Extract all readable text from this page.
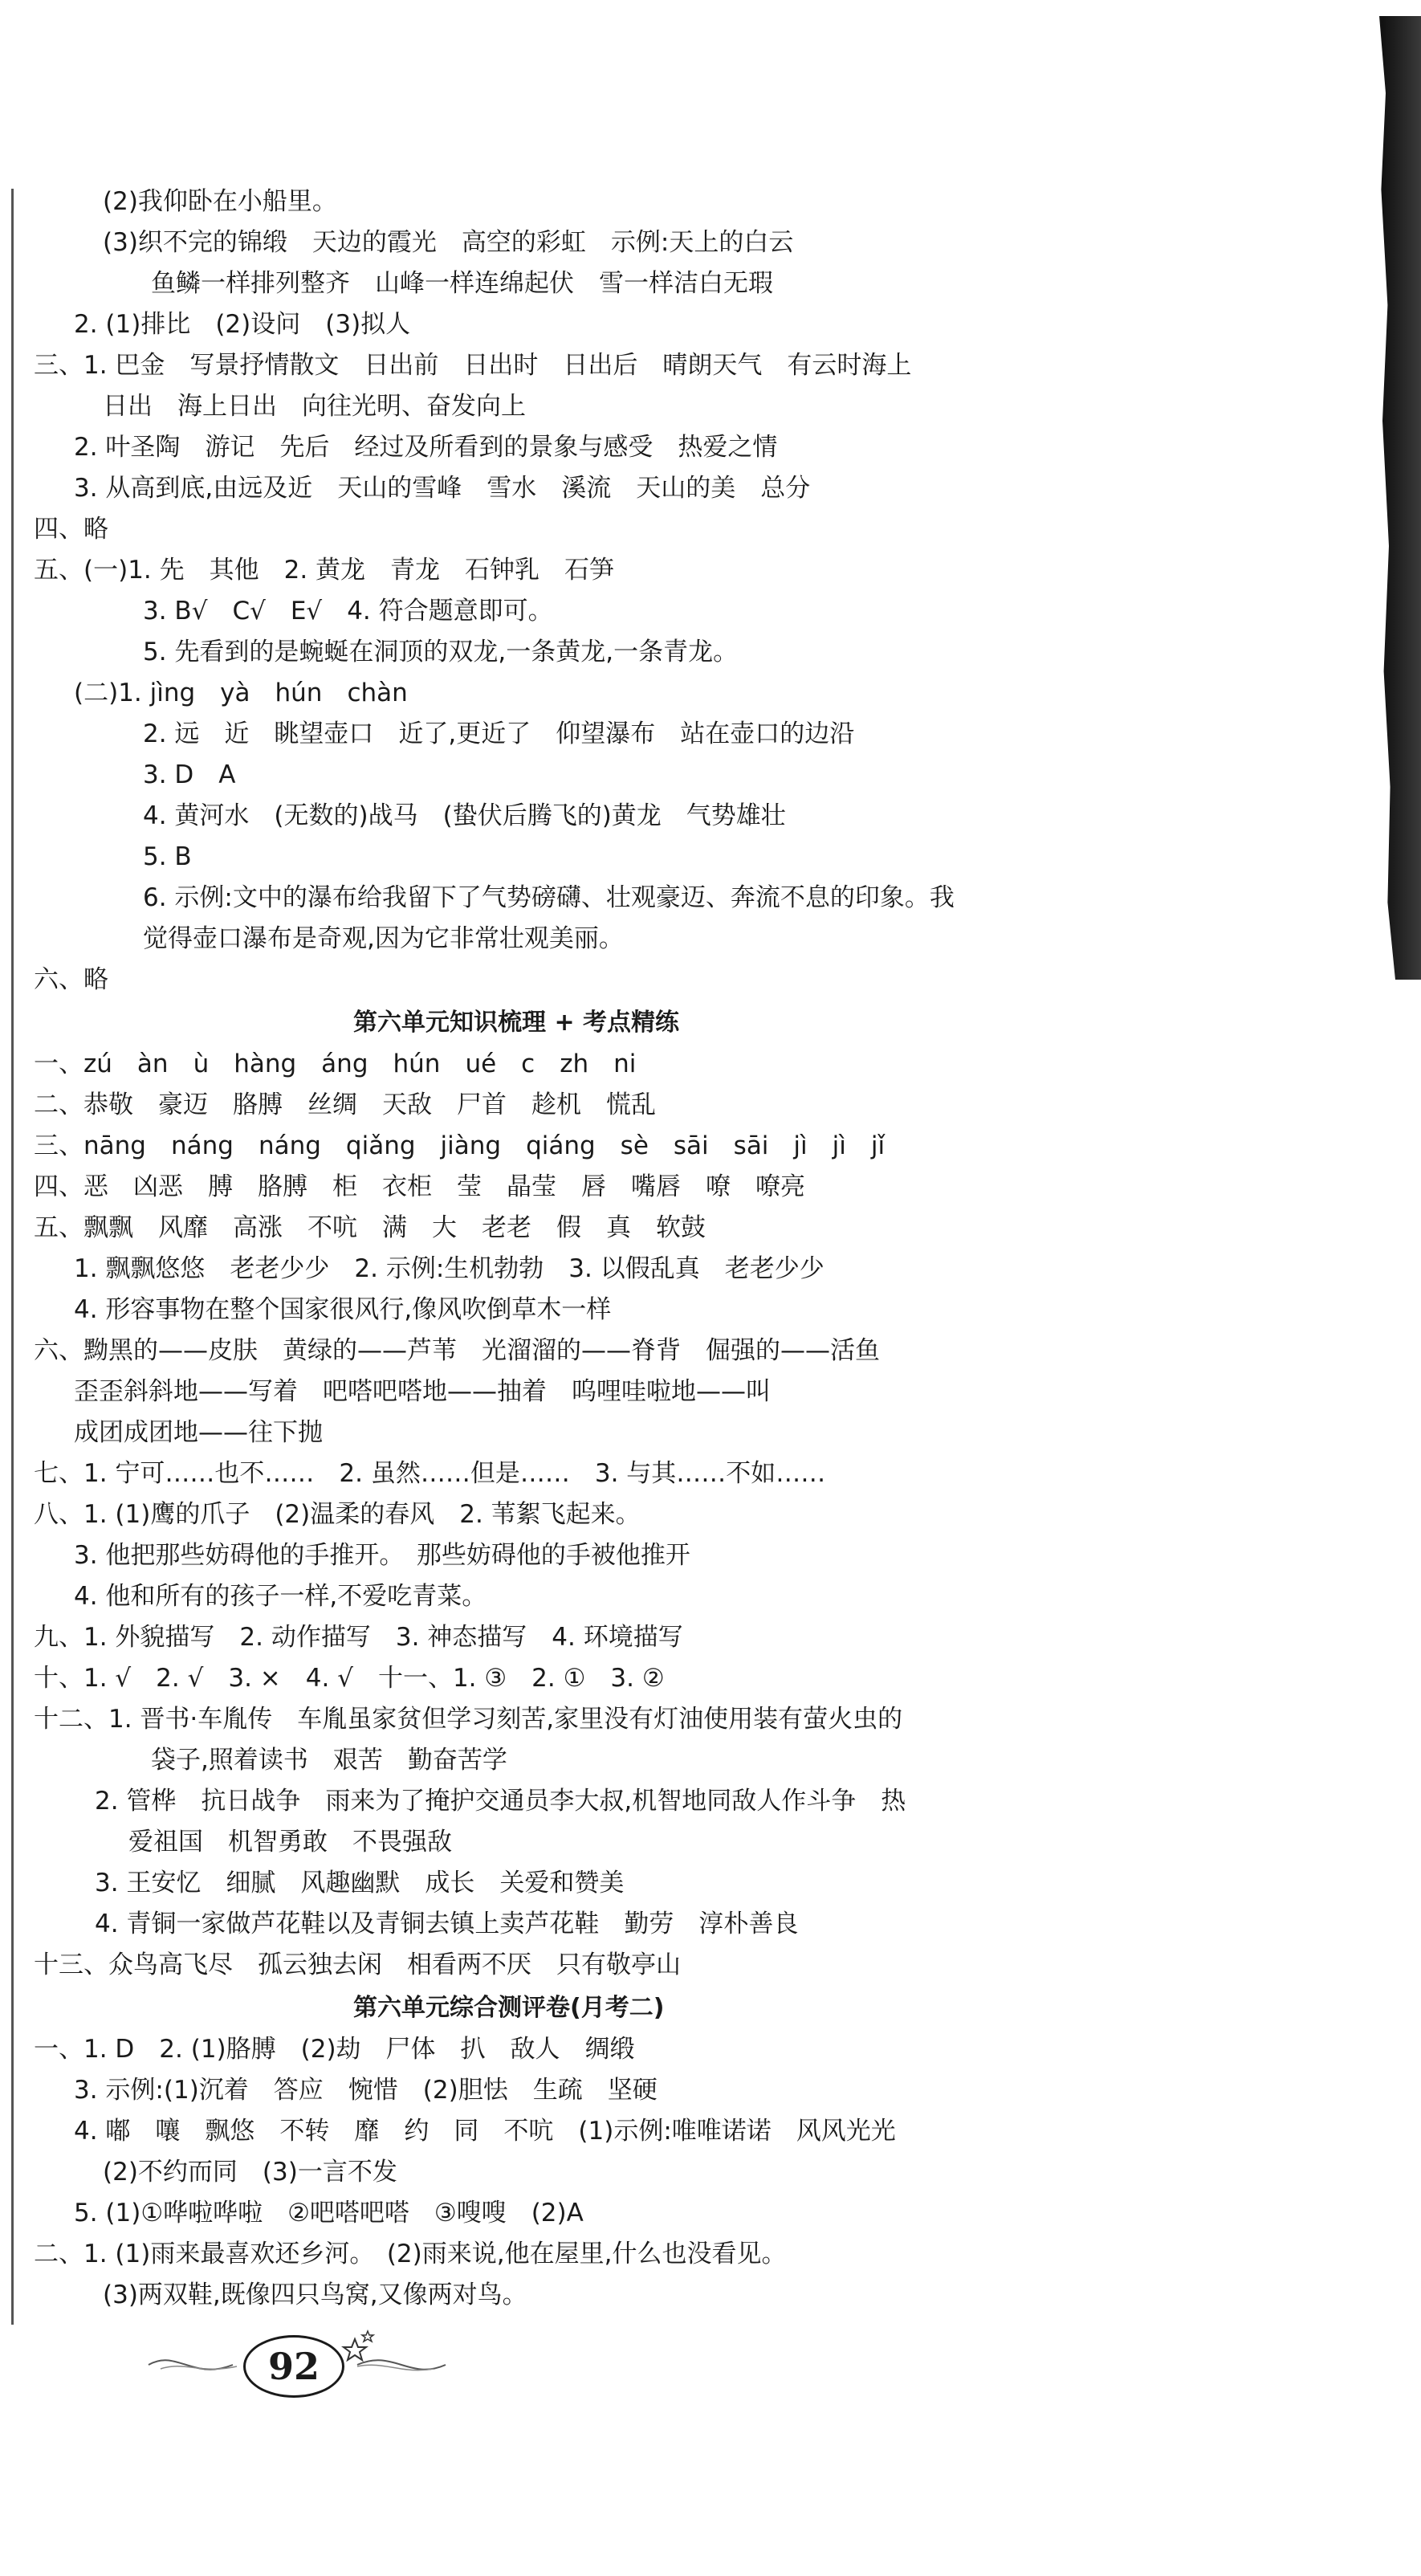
(2)我仰卧在小船里。
(3)织不完的锦缎　天边的霞光　高空的彩虹　示例:天上的白云
鱼鳞一样排列整齐　山峰一样连绵起伏　雪一样洁白无瑕
2. (1)排比　(2)设问　(3)拟人
三、1. 巴金　写景抒情散文　日出前　日出时　日出后　晴朗天气　有云时海上
日出　海上日出　向往光明、奋发向上
2. 叶圣陶　游记　先后　经过及所看到的景象与感受　热爱之情
3. 从高到底,由远及近　天山的雪峰　雪水　溪流　天山的美　总分
四、略
五、(一)1. 先　其他　2. 黄龙　青龙　石钟乳　石笋
3. B√　C√　E√　4. 符合题意即可。
5. 先看到的是蜿蜒在洞顶的双龙,一条黄龙,一条青龙。
(二)1. jìng　yà　hún　chàn
2. 远　近　眺望壶口　近了,更近了　仰望瀑布　站在壶口的边沿
3. D　A
4. 黄河水　(无数的)战马　(蛰伏后腾飞的)黄龙　气势雄壮
5. B
6. 示例:文中的瀑布给我留下了气势磅礴、壮观豪迈、奔流不息的印象。我
觉得壶口瀑布是奇观,因为它非常壮观美丽。
六、略
第六单元知识梳理 + 考点精练
一、zú　àn　ù　hàng　áng　hún　ué　c　zh　ni
二、恭敬　豪迈　胳膊　丝绸　天敌　尸首　趁机　慌乱
三、nāng　náng　náng　qiǎng　jiàng　qiáng　sè　sāi　sāi　jì　jì　jǐ
四、恶　凶恶　膊　胳膊　柜　衣柜　莹　晶莹　唇　嘴唇　嘹　嘹亮
五、飘飘　风靡　高涨　不吭　满　大　老老　假　真　软鼓
1. 飘飘悠悠　老老少少　2. 示例:生机勃勃　3. 以假乱真　老老少少
4. 形容事物在整个国家很风行,像风吹倒草木一样
六、黝黑的——皮肤　黄绿的——芦苇　光溜溜的——脊背　倔强的——活鱼
歪歪斜斜地——写着　吧嗒吧嗒地——抽着　呜哩哇啦地——叫
成团成团地——往下抛
七、1. 宁可……也不……　2. 虽然……但是……　3. 与其……不如……
八、1. (1)鹰的爪子　(2)温柔的春风　2. 苇絮飞起来。
3. 他把那些妨碍他的手推开。　那些妨碍他的手被他推开
4. 他和所有的孩子一样,不爱吃青菜。
九、1. 外貌描写　2. 动作描写　3. 神态描写　4. 环境描写
十、1. √　2. √　3. ×　4. √　十一、1. ③　2. ①　3. ②
十二、1. 晋书·车胤传　车胤虽家贫但学习刻苦,家里没有灯油使用装有萤火虫的
袋子,照着读书　艰苦　勤奋苦学
2. 管桦　抗日战争　雨来为了掩护交通员李大叔,机智地同敌人作斗争　热
爱祖国　机智勇敢　不畏强敌
3. 王安忆　细腻　风趣幽默　成长　关爱和赞美
4. 青铜一家做芦花鞋以及青铜去镇上卖芦花鞋　勤劳　淳朴善良
十三、众鸟高飞尽　孤云独去闲　相看两不厌　只有敬亭山
第六单元综合测评卷(月考二)
一、1. D　2. (1)胳膊　(2)劫　尸体　扒　敌人　绸缎
3. 示例:(1)沉着　答应　惋惜　(2)胆怯　生疏　坚硬
4. 嘟　嚷　飘悠　不转　靡　约　同　不吭　(1)示例:唯唯诺诺　风风光光
(2)不约而同　(3)一言不发
5. (1)①哗啦哗啦　②吧嗒吧嗒　③嗖嗖　(2)A
二、1. (1)雨来最喜欢还乡河。　(2)雨来说,他在屋里,什么也没看见。
(3)两双鞋,既像四只鸟窝,又像两对鸟。
92
